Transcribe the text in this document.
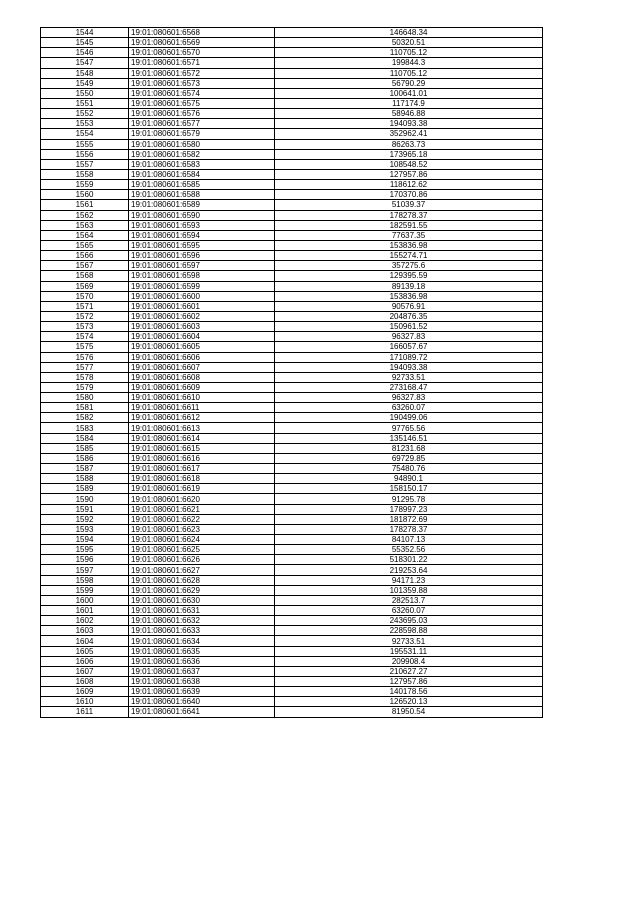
1544	19:01:080601:6568	146648.34
1545	19:01:080601:6569	50320.51
1546	19:01:080601:6570	110705.12
1547	19:01:080601:6571	199844.3
1548	19:01:080601:6572	110705.12
1549	19:01:080601:6573	56790.29
1550	19:01:080601:6574	100641.01
1551	19:01:080601:6575	117174.9
1552	19:01:080601:6576	58946.88
1553	19:01:080601:6577	194093.38
1554	19:01:080601:6579	352962.41
1555	19:01:080601:6580	86263.73
1556	19:01:080601:6582	173965.18
1557	19:01:080601:6583	108548.52
1558	19:01:080601:6584	127957.86
1559	19:01:080601:6585	118612.62
1560	19:01:080601:6588	170370.86
1561	19:01:080601:6589	51039.37
1562	19:01:080601:6590	178278.37
1563	19:01:080601:6593	182591.55
1564	19:01:080601:6594	77637.35
1565	19:01:080601:6595	153836.98
1566	19:01:080601:6596	155274.71
1567	19:01:080601:6597	357275.6
1568	19:01:080601:6598	129395.59
1569	19:01:080601:6599	89139.18
1570	19:01:080601:6600	153836.98
1571	19:01:080601:6601	90576.91
1572	19:01:080601:6602	204876.35
1573	19:01:080601:6603	150961.52
1574	19:01:080601:6604	96327.83
1575	19:01:080601:6605	166057.67
1576	19:01:080601:6606	171089.72
1577	19:01:080601:6607	194093.38
1578	19:01:080601:6608	92733.51
1579	19:01:080601:6609	273168.47
1580	19:01:080601:6610	96327.83
1581	19:01:080601:6611	63260.07
1582	19:01:080601:6612	190499.06
1583	19:01:080601:6613	97765.56
1584	19:01:080601:6614	135146.51
1585	19:01:080601:6615	81231.68
1586	19:01:080601:6616	69729.85
1587	19:01:080601:6617	75480.76
1588	19:01:080601:6618	94890.1
1589	19:01:080601:6619	158150.17
1590	19:01:080601:6620	91295.78
1591	19:01:080601:6621	178997.23
1592	19:01:080601:6622	181872.69
1593	19:01:080601:6623	178278.37
1594	19:01:080601:6624	84107.13
1595	19:01:080601:6625	55352.56
1596	19:01:080601:6626	518301.22
1597	19:01:080601:6627	219253.64
1598	19:01:080601:6628	94171.23
1599	19:01:080601:6629	101359.88
1600	19:01:080601:6630	282513.7
1601	19:01:080601:6631	63260.07
1602	19:01:080601:6632	243695.03
1603	19:01:080601:6633	228598.88
1604	19:01:080601:6634	92733.51
1605	19:01:080601:6635	195531.11
1606	19:01:080601:6636	209908.4
1607	19:01:080601:6637	210627.27
1608	19:01:080601:6638	127957.86
1609	19:01:080601:6639	140178.56
1610	19:01:080601:6640	126520.13
1611	19:01:080601:6641	81950.54
